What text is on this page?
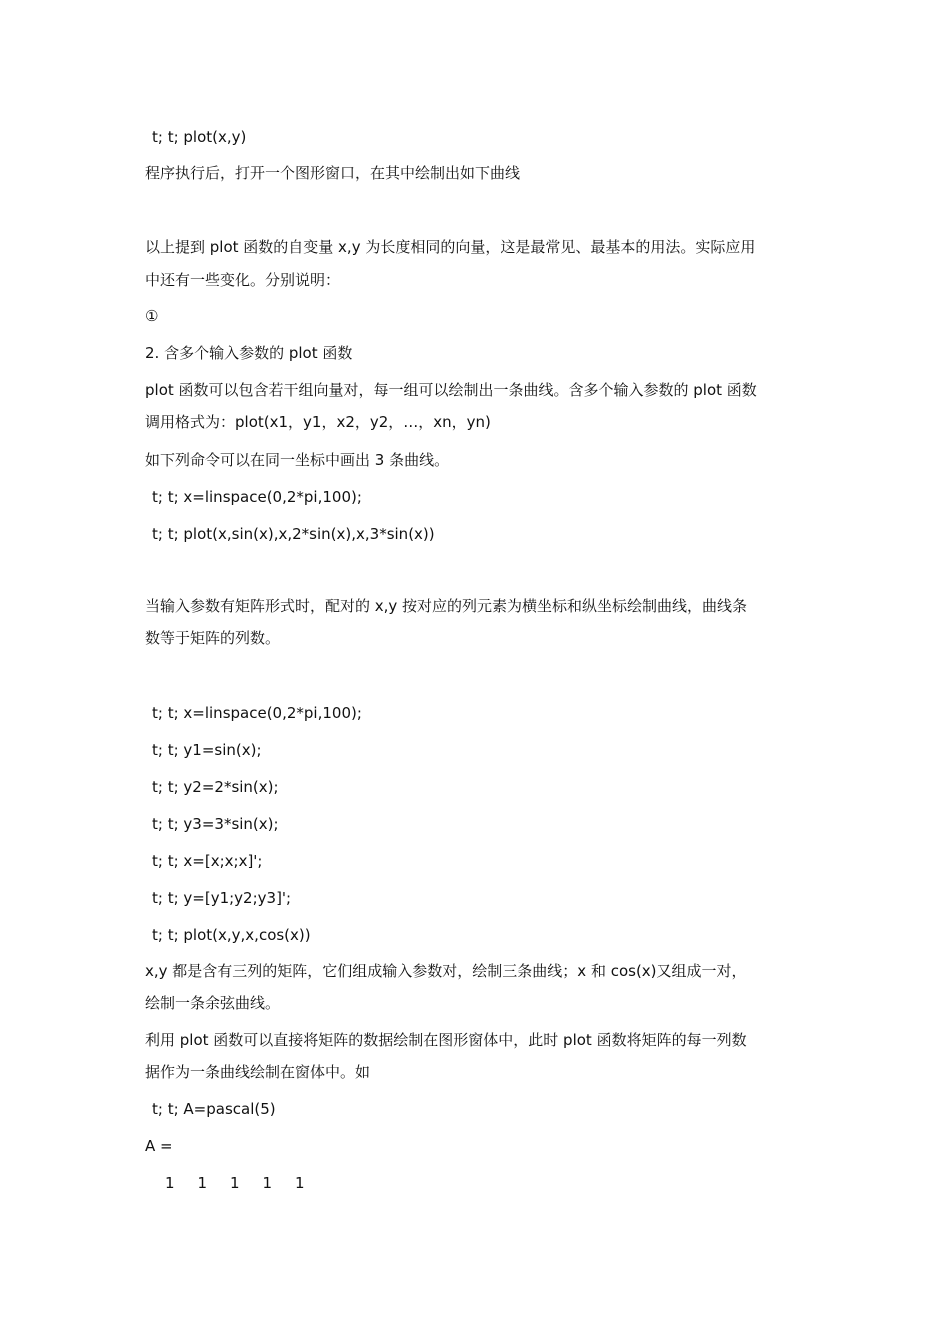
t; t; plot(x,y)
程序执行后，打开一个图形窗口，在其中绘制出如下曲线
以上提到 plot 函数的自变量 x,y 为长度相同的向量，这是最常见、最基本的用法。实际应用
中还有一些变化。分别说明：
①
2. 含多个输入参数的 plot 函数
plot 函数可以包含若干组向量对，每一组可以绘制出一条曲线。含多个输入参数的 plot 函数
调用格式为：plot(x1，y1，x2，y2，…，xn，yn)
如下列命令可以在同一坐标中画出 3 条曲线。
t; t; x=linspace(0,2*pi,100);
t; t; plot(x,sin(x),x,2*sin(x),x,3*sin(x))
当输入参数有矩阵形式时，配对的 x,y 按对应的列元素为横坐标和纵坐标绘制曲线，曲线条
数等于矩阵的列数。
t; t; x=linspace(0,2*pi,100);
t; t; y1=sin(x);
t; t; y2=2*sin(x);
t; t; y3=3*sin(x);
t; t; x=[x;x;x]';
t; t; y=[y1;y2;y3]';
t; t; plot(x,y,x,cos(x))
x,y 都是含有三列的矩阵，它们组成输入参数对，绘制三条曲线；x 和 cos(x)又组成一对，
绘制一条余弦曲线。
利用 plot 函数可以直接将矩阵的数据绘制在图形窗体中，此时 plot 函数将矩阵的每一列数
据作为一条曲线绘制在窗体中。如
t; t; A=pascal(5)
A =
1	1	1	1	1
